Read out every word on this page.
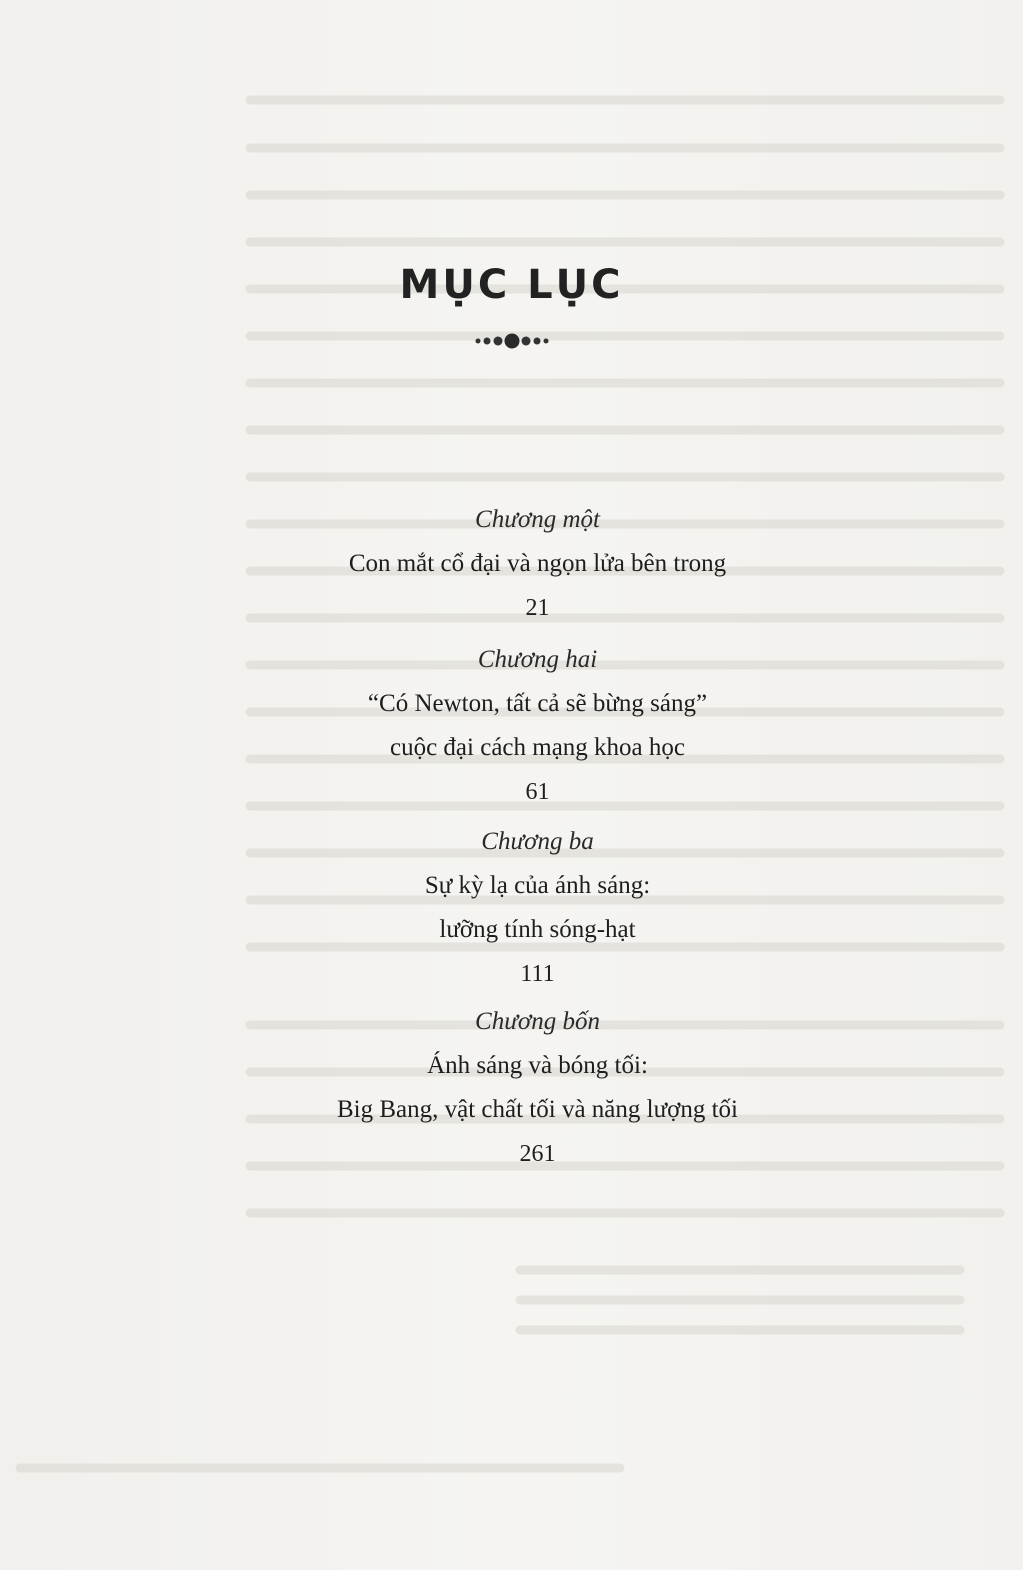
MỤC LỤC
Chương một
Con mắt cổ đại và ngọn lửa bên trong
21
Chương hai
“Có Newton, tất cả sẽ bừng sáng”
cuộc đại cách mạng khoa học
61
Chương ba
Sự kỳ lạ của ánh sáng:
lưỡng tính sóng-hạt
111
Chương bốn
Ánh sáng và bóng tối:
Big Bang, vật chất tối và năng lượng tối
261
